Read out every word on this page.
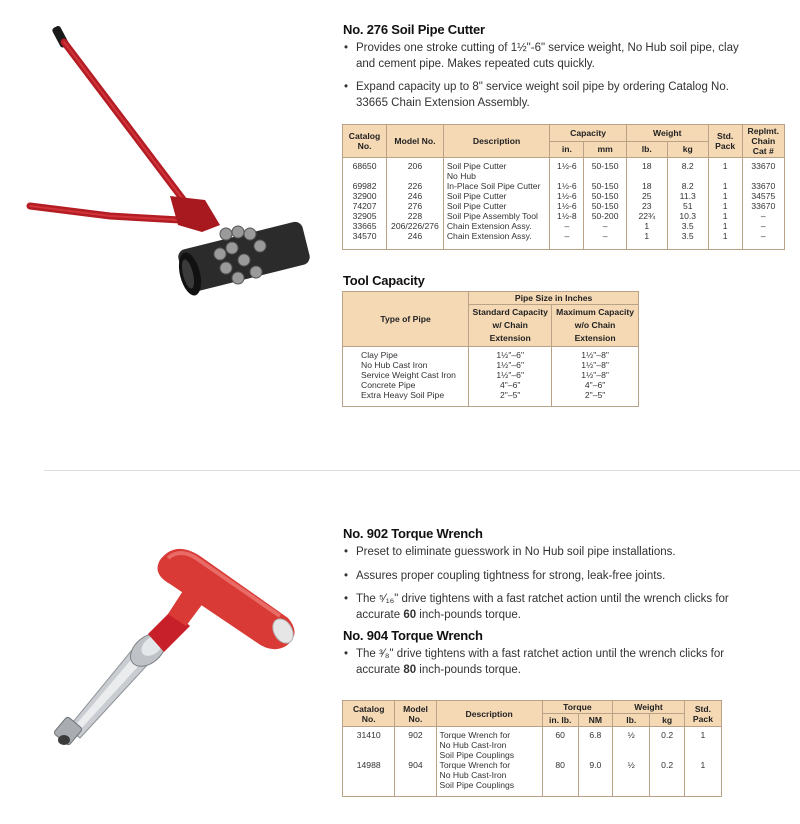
No. 276 Soil Pipe Cutter
• Provides one stroke cutting of 1½"-6" service weight, No Hub soil pipe, clay and cement pipe. Makes repeated cuts quickly.
• Expand capacity up to 8" service weight soil pipe by ordering Catalog No. 33665 Chain Extension Assembly.
Catalog No.	Model No.	Description	Capacity		Weight		Std. Pack	Replmt. Chain Cat #
			in.	mm	lb.	kg		
68650	206	Soil Pipe Cutter
No Hub	1½-6	50-150	18	8.2	1	33670
69982	226	In-Place Soil Pipe Cutter	1½-6	50-150	18	8.2	1	33670
32900	246	Soil Pipe Cutter	1½-6	50-150	25	11.3	1	34575
74207	276	Soil Pipe Cutter	1½-6	50-150	23	51	1	33670
32905	228	Soil Pipe Assembly Tool	1½-8	50-200	22¾	10.3	1	–
33665	206/226/276	Chain Extension Assy.	–	–	1	3.5	1	–
34570	246	Chain Extension Assy.	–	–	1	3.5	1	–

Tool Capacity
Type of Pipe	Pipe Size in Inches	
	Standard Capacity w/ Chain Extension	Maximum Capacity w/o Chain Extension
Clay Pipe	1½"–6"	1½"–8"
No Hub Cast Iron	1½"–6"	1½"–8"
Service Weight Cast Iron	1½"–6"	1½"–8"
Concrete Pipe	4"–6"	4"–6"
Extra Heavy Soil Pipe	2"–5"	2"–5"

No. 902 Torque Wrench
• Preset to eliminate guesswork in No Hub soil pipe installations.
• Assures proper coupling tightness for strong, leak-free joints.
• The ⁵⁄₁₆" drive tightens with a fast ratchet action until the wrench clicks for accurate 60 inch-pounds torque.
No. 904 Torque Wrench
• The ³⁄₈" drive tightens with a fast ratchet action until the wrench clicks for accurate 80 inch-pounds torque.
Catalog No.	Model No.	Description	Torque		Weight		Std. Pack
			in. lb.	NM	lb.	kg	
31410	902	Torque Wrench for
No Hub Cast-Iron
Soil Pipe Couplings	60	6.8	½	0.2	1
14988	904	Torque Wrench for
No Hub Cast-Iron
Soil Pipe Couplings	80	9.0	½	0.2	1
